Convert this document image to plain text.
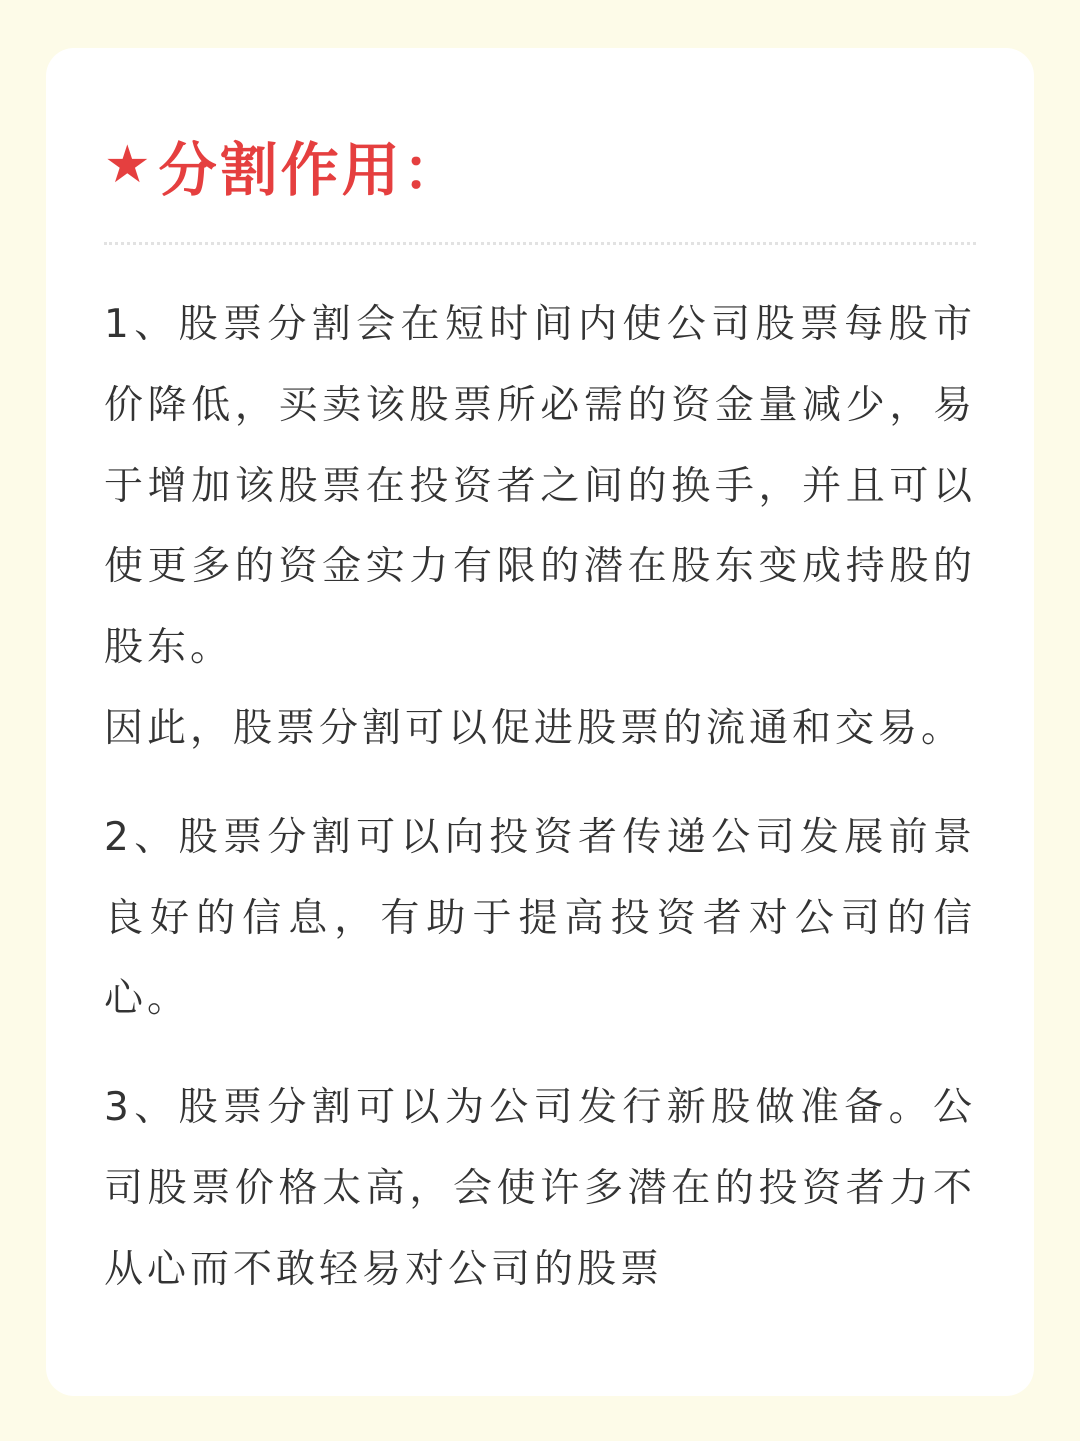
★ 分割作用：

1、股票分割会在短时间内使公司股票每股市价降低，买卖该股票所必需的资金量减少，易于增加该股票在投资者之间的换手，并且可以使更多的资金实力有限的潜在股东变成持股的股东。

因此，股票分割可以促进股票的流通和交易。

2、股票分割可以向投资者传递公司发展前景良好的信息，有助于提高投资者对公司的信心。

3、股票分割可以为公司发行新股做准备。公司股票价格太高，会使许多潜在的投资者力不从心而不敢轻易对公司的股票
